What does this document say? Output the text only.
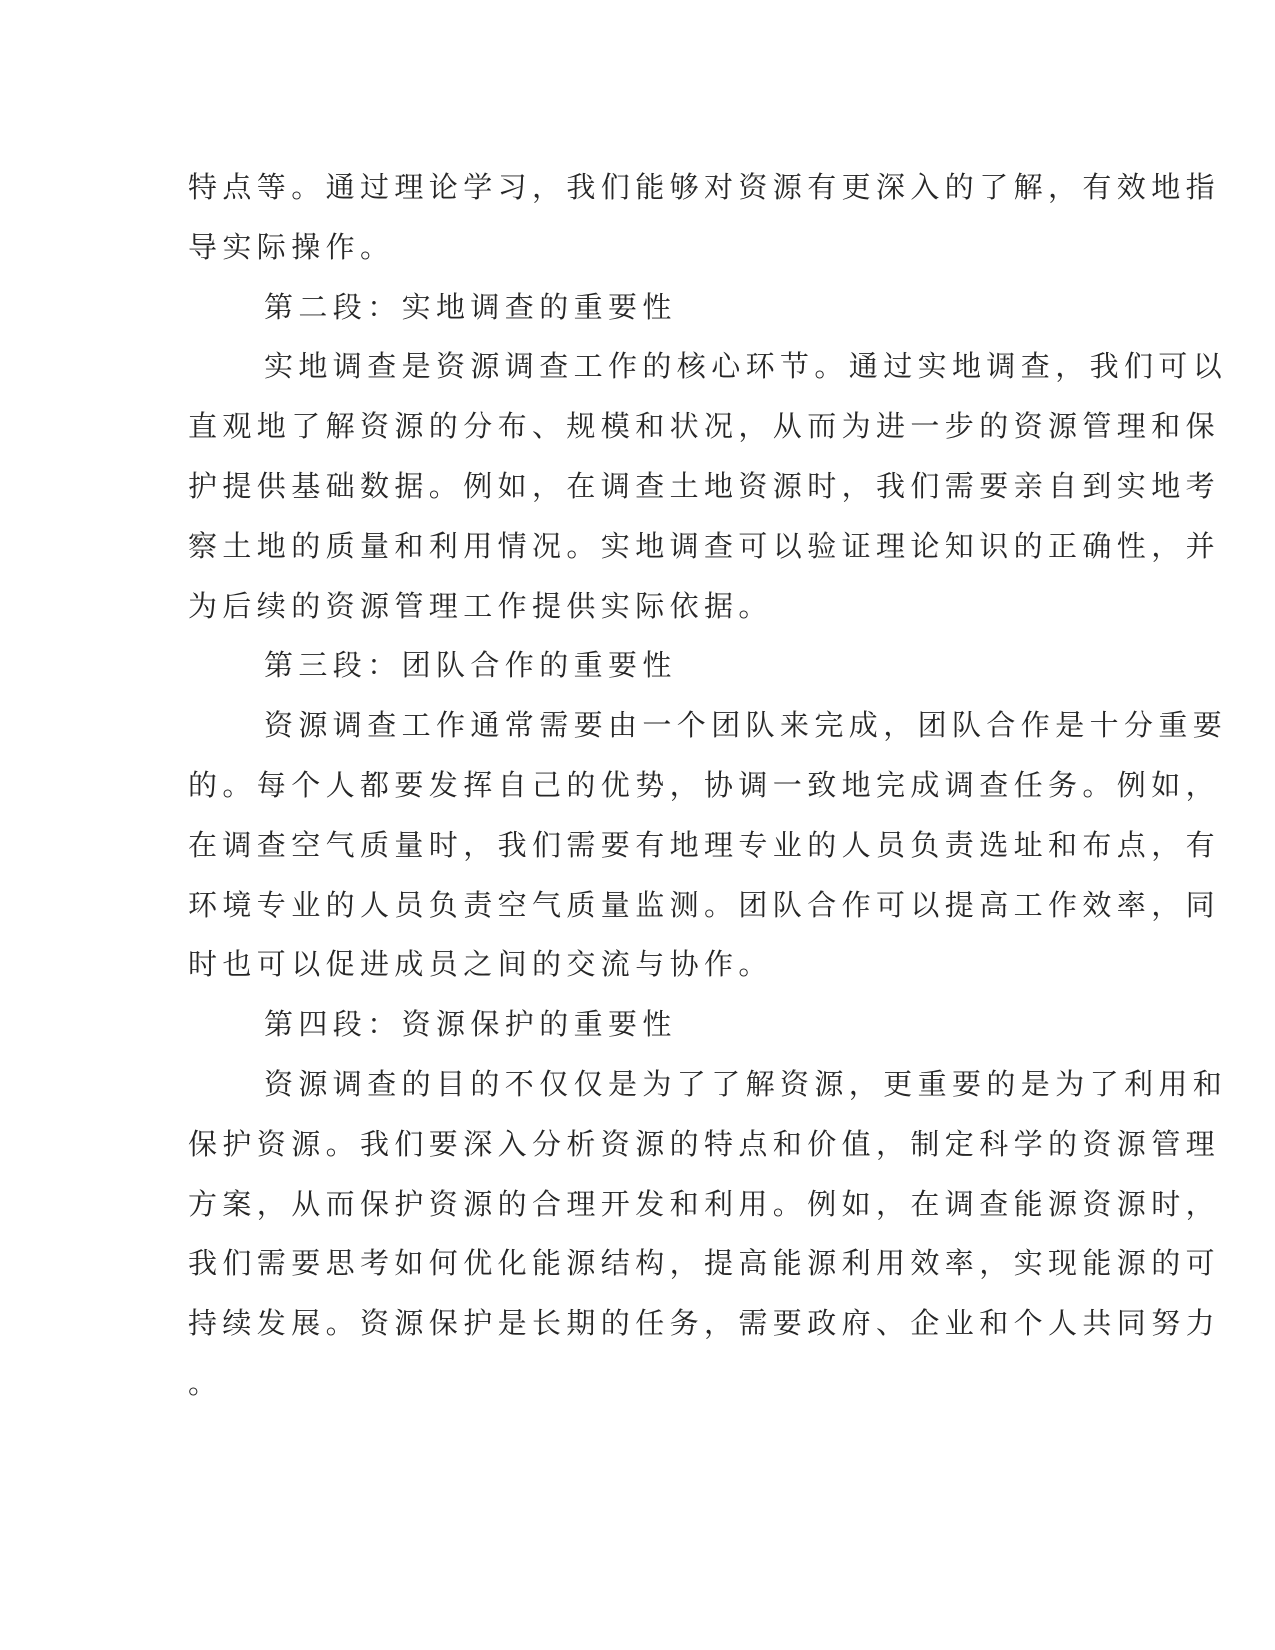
特点等。通过理论学习，我们能够对资源有更深入的了解，有效地指
导实际操作。
第二段：实地调查的重要性
实地调查是资源调查工作的核心环节。通过实地调查，我们可以
直观地了解资源的分布、规模和状况，从而为进一步的资源管理和保
护提供基础数据。例如，在调查土地资源时，我们需要亲自到实地考
察土地的质量和利用情况。实地调查可以验证理论知识的正确性，并
为后续的资源管理工作提供实际依据。
第三段：团队合作的重要性
资源调查工作通常需要由一个团队来完成，团队合作是十分重要
的。每个人都要发挥自己的优势，协调一致地完成调查任务。例如，
在调查空气质量时，我们需要有地理专业的人员负责选址和布点，有
环境专业的人员负责空气质量监测。团队合作可以提高工作效率，同
时也可以促进成员之间的交流与协作。
第四段：资源保护的重要性
资源调查的目的不仅仅是为了了解资源，更重要的是为了利用和
保护资源。我们要深入分析资源的特点和价值，制定科学的资源管理
方案，从而保护资源的合理开发和利用。例如，在调查能源资源时，
我们需要思考如何优化能源结构，提高能源利用效率，实现能源的可
持续发展。资源保护是长期的任务，需要政府、企业和个人共同努力
。
